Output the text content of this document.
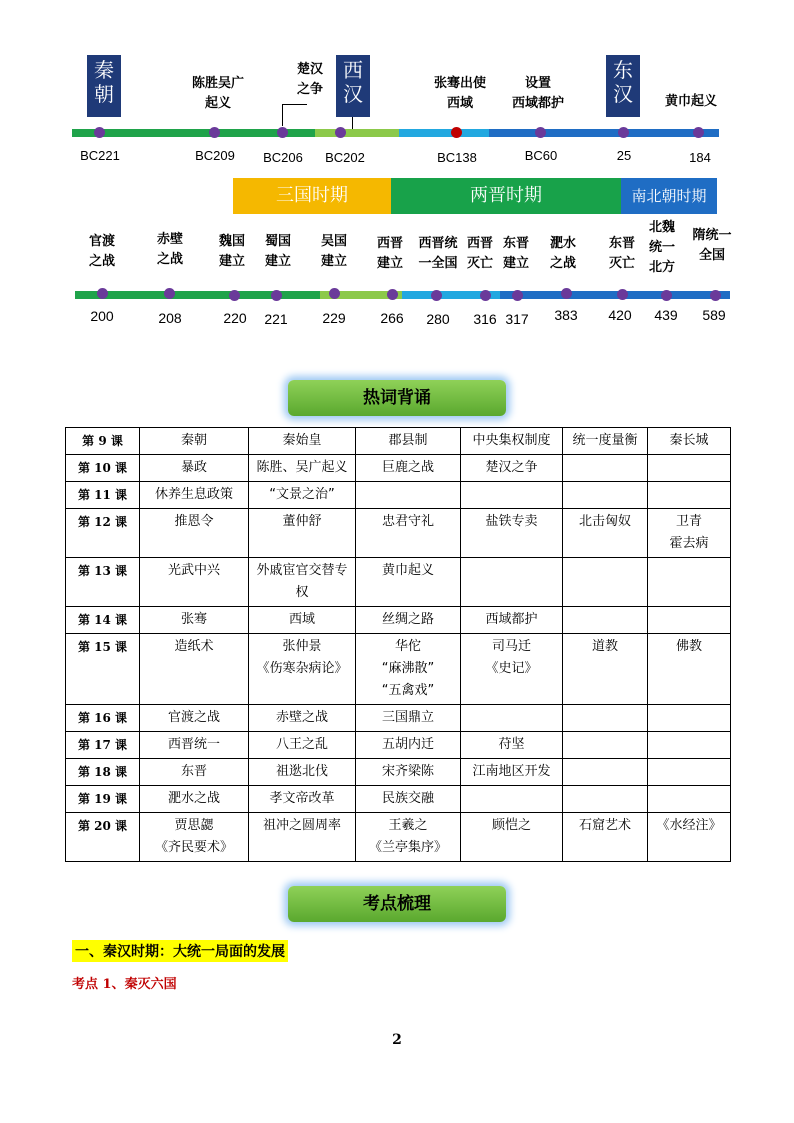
秦
朝
西
汉
东
汉
陈胜吴广
起义
楚汉
之争	张骞出使
西域
设置
西域都护	黄巾起义
BC221	BC209	BC206	BC202	BC138	BC60	25	184
三国时期	两晋时期	南北朝时期
官渡
之战
赤壁
之战
魏国
建立
蜀国
建立
吴国
建立
西晋
建立
西晋统
一全国
西晋
灭亡
东晋
建立
淝水
之战
东晋
灭亡
北魏
统一
北方
隋统一
全国
200	208	220	221	229	266	280	316 317	383	420	439	589
热词背诵
第 9 课	秦朝	秦始皇	郡县制	中央集权制度	统一度量衡	秦长城
第 10 课	暴政	陈胜、吴广起义	巨鹿之战	楚汉之争		
第 11 课	休养生息政策	“文景之治”				
第 12 课	推恩令	董仲舒	忠君守礼	盐铁专卖	北击匈奴	卫青
霍去病
第 13 课	光武中兴	外戚宦官交替专
权	黄巾起义			
第 14 课	张骞	西域	丝绸之路	西域都护		
第 15 课	造纸术	张仲景
《伤寒杂病论》	华佗
“麻沸散”
“五禽戏”	司马迁
《史记》	道教	佛教
第 16 课	官渡之战	赤壁之战	三国鼎立			
第 17 课	西晋统一	八王之乱	五胡内迁	苻坚		
第 18 课	东晋	祖逖北伐	宋齐梁陈	江南地区开发		
第 19 课	淝水之战	孝文帝改革	民族交融			
第 20 课	贾思勰
《齐民要术》	祖冲之圆周率	王羲之
《兰亭集序》	顾恺之	石窟艺术	《水经注》
考点梳理
一、秦汉时期：大统一局面的发展
考点 1、秦灭六国
2
